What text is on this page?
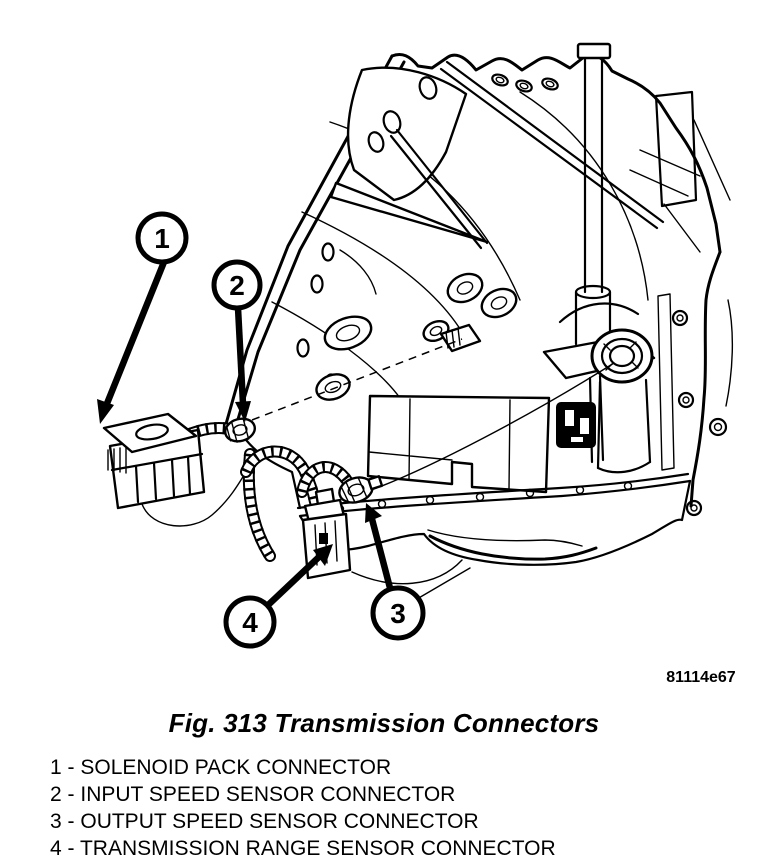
1
2
3
4
81114e67
Fig. 313 Transmission Connectors
1 - SOLENOID PACK CONNECTOR
2 - INPUT SPEED SENSOR CONNECTOR
3 - OUTPUT SPEED SENSOR CONNECTOR
4 - TRANSMISSION RANGE SENSOR CONNECTOR
